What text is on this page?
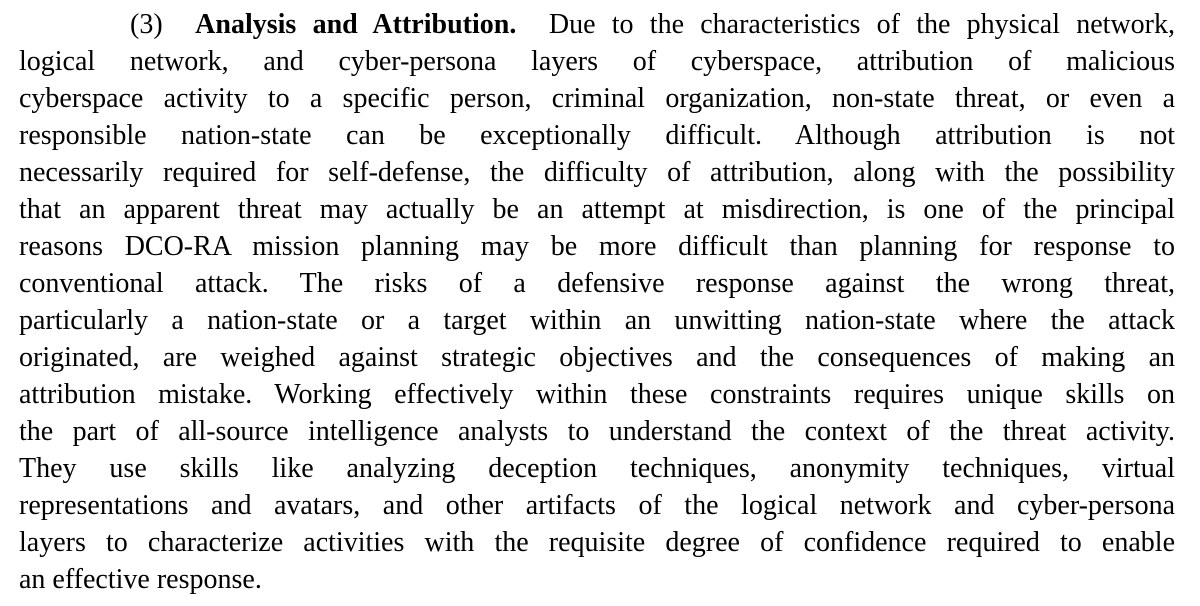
(3) Analysis and Attribution. Due to the characteristics of the physical network,
logical network, and cyber-persona layers of cyberspace, attribution of malicious
cyberspace activity to a specific person, criminal organization, non-state threat, or even a
responsible nation-state can be exceptionally difficult. Although attribution is not
necessarily required for self-defense, the difficulty of attribution, along with the possibility
that an apparent threat may actually be an attempt at misdirection, is one of the principal
reasons DCO-RA mission planning may be more difficult than planning for response to
conventional attack. The risks of a defensive response against the wrong threat,
particularly a nation-state or a target within an unwitting nation-state where the attack
originated, are weighed against strategic objectives and the consequences of making an
attribution mistake. Working effectively within these constraints requires unique skills on
the part of all-source intelligence analysts to understand the context of the threat activity.
They use skills like analyzing deception techniques, anonymity techniques, virtual
representations and avatars, and other artifacts of the logical network and cyber-persona
layers to characterize activities with the requisite degree of confidence required to enable
an effective response.
